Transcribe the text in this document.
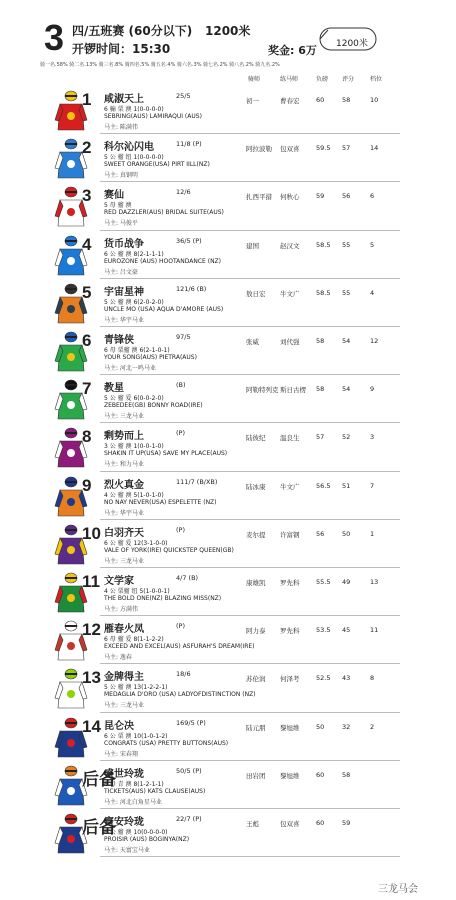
3 四/五班赛 (60分以下) 1200米
开锣时间：15:30	奖金: 6万 1200米
骑一名.58% 骑二名.13% 骑三名.8% 骑四名.5% 骑五名.4% 骑六名.3% 骑七名.2% 骑八名.2% 骑九名.2%
骑师	练马师	负磅 评分	档位
1 咸淑天上	25/5
6 骟 栗 澳 1(0-0-0-0)
SEBRING(AUS) LAMIRAQUI (AUS)
马主: 陈满伟
初一	曹春宏	60	58	10
2 科尔沁闪电	11/8 (P)
5 公 骝 纽 1(0-0-0-0)
SWEET ORANGE(USA) PIRT IILL(NZ)
马主: 真钢明
阿拉波勒 包双喜	59.5 57	14
3 赛仙	12/6
5 母 骝 澳
RED DAZZLER(AUS) BRIDAL SUITE(AUS)
马主: 马俊平
扎西平措 何秋心	59	56	6
4 货币战争	36/5 (P)
6 公 骝 澳 8(2-1-1-1)
EUROZONE (AUS) HOOTANDANCE (NZ)
马主: 吕文豪
建国	赵汉文	58.5 55	5
5 宇宙星神	121/6 (B)
5 公 骝 澳 6(2-0-2-0)
UNCLE MO (USA) AQUA D'AMORE (AUS)
马主: 华宇马业
敖日宏 牛文广	58.5 55	4
6 青锋侠	97/5
6 母 栗骝 澳 6(2-1-0-1)
YOUR SONG(AUS) PIETRA(AUS)
马主: 河北一鸣马业
张威	刘代强	58	54	12
7 教星	(B)
5 公 骝 爱 6(0-0-2-0)
ZEBEDEE(GB) BONNY ROAD(IRE)
马主: 三龙马业
阿勒特列克 斯日古楞 58	54	9
8 剩势而上	(P)
3 公 骝 澳 1(0-0-1-0)
SHAKIN IT UP(USA) SAVE MY PLACE(AUS)
马主: 和力马业
陆彼纪 温良生	57	52	3
9 烈火真金	111/7 (B/XB)
4 公 骝 澳 5(1-0-1-0)
NO NAY NEVER(USA) ESPELETTE (NZ)
马主: 华宇马业
陆冰康 牛文广	56.5 51	7
10 白羽齐天	(P)
6 公 骝 爱 12(3-1-0-0)
VALE OF YORK(IRE) QUICKSTEP QUEEN(GB)
马主: 三龙马业
麦尔提 许富钢	56	50	1
11 文学家	4/7 (B)
4 公 栗骝 纽 5(1-0-0-1)
THE BOLD ONE(NZ) BLAZING MISS(NZ)
马主: 方满伟
康雄凯 罗先科	55.5 49	13
12 雁春火凤	(P)
6 母 骝 爱 8(1-1-2-2)
EXCEED AND EXCEL(AUS) ASFURAH'S DREAM(IRE)
马主: 逸春
阿力泰 罗先科	53.5 45	11
13 金牌得主	18/6
5 公 骝 澳 13(1-2-2-1)
MEDAGLIA D'ORO (USA) LADYOFDISTINCTION (NZ)
马主: 三龙马业
苏伦润 何泽考	52.5 43	8
14 昆仑决	169/5 (P)
6 公 栗 澳 10(1-0-1-2)
CONGRATS (USA) PRETTY BUTTONS(AUS)
马主: 宋春翔
陆元朋 黎旭维	50	32	2
后备
盛世玲珑	50/5 (P)
6 母 青 澳 8(1-2-1-1)
TICKETS(AUS) KATS CLAUSE(AUS)
马主: 河北白角星马业
田岩团 黎旭维	60	58
后备
富安玲珑	22/7 (P)
6 公 骝 澳 10(0-0-0-0)
PROISIR (AUS) BOGINYA(NZ)
马主: 天富宝马业
王彪	包双喜	60	59
三龙马会
